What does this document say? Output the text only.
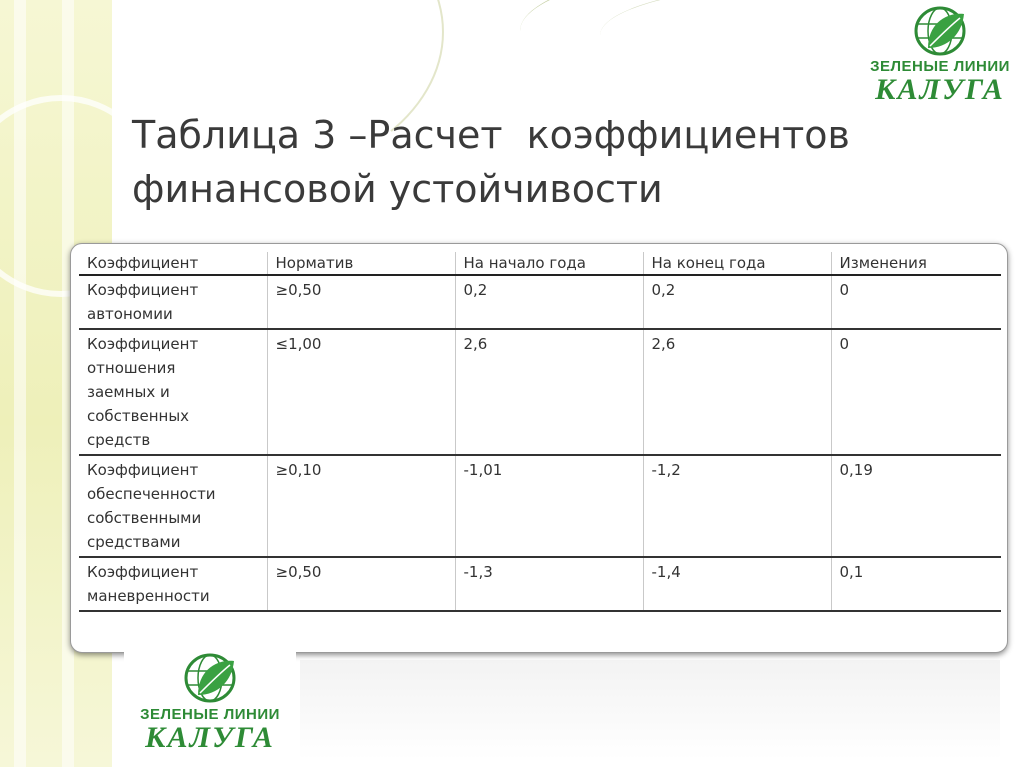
ЗЕЛЕНЫЕ ЛИНИИ
КАЛУГА
Таблица 3 –Расчет  коэффициентов
финансовой устойчивости
Коэффициент	Норматив	На начало года	На конец года	Изменения

Коэффициент
автономии	≥0,50	0,2	0,2	0

Коэффициент
отношения
заемных и
собственных
средств	≤1,00	2,6	2,6	0

Коэффициент
обеспеченности
собственными
средствами	≥0,10	-1,01	-1,2	0,19

Коэффициент
маневренности	≥0,50	-1,3	-1,4	0,1
ЗЕЛЕНЫЕ ЛИНИИ
КАЛУГА
